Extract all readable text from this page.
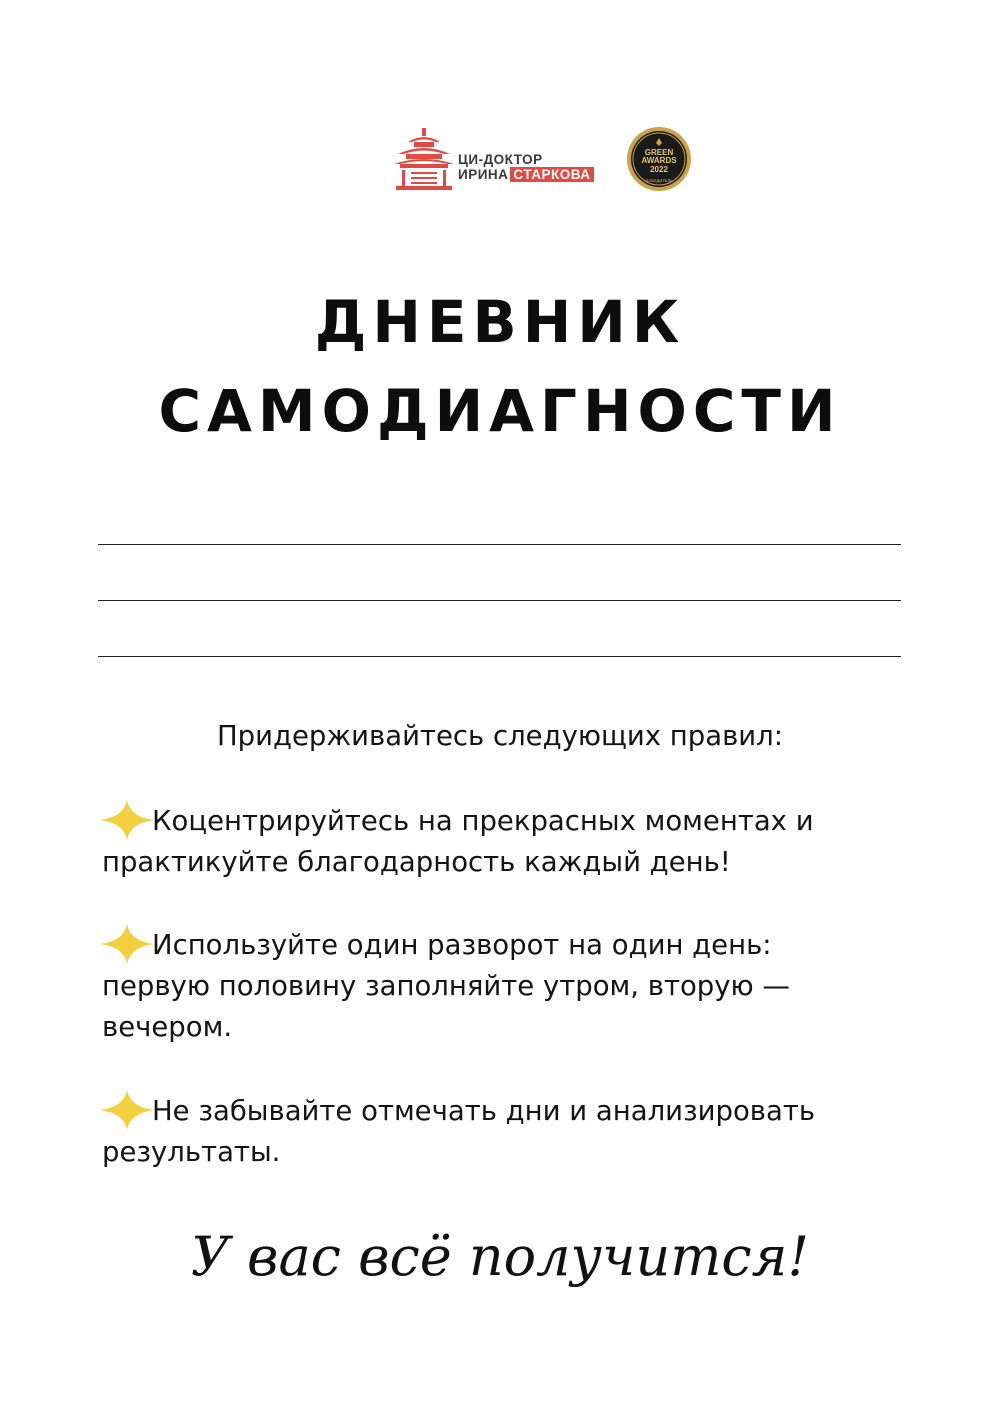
ЦИ-ДОКТОР
ИРИНА СТАРКОВА
GREEN
AWARDS
2022
ПОБЕДИТЕЛЬ
ДНЕВНИК
САМОДИАГНОСТИ
Придерживайтесь следующих правил:
Коцентрируйтесь на прекрасных моментах и
практикуйте благодарность каждый день!
Используйте один разворот на один день:
первую половину заполняйте утром, вторую —
вечером.
Не забывайте отмечать дни и анализировать
результаты.
У вас всё получится!
